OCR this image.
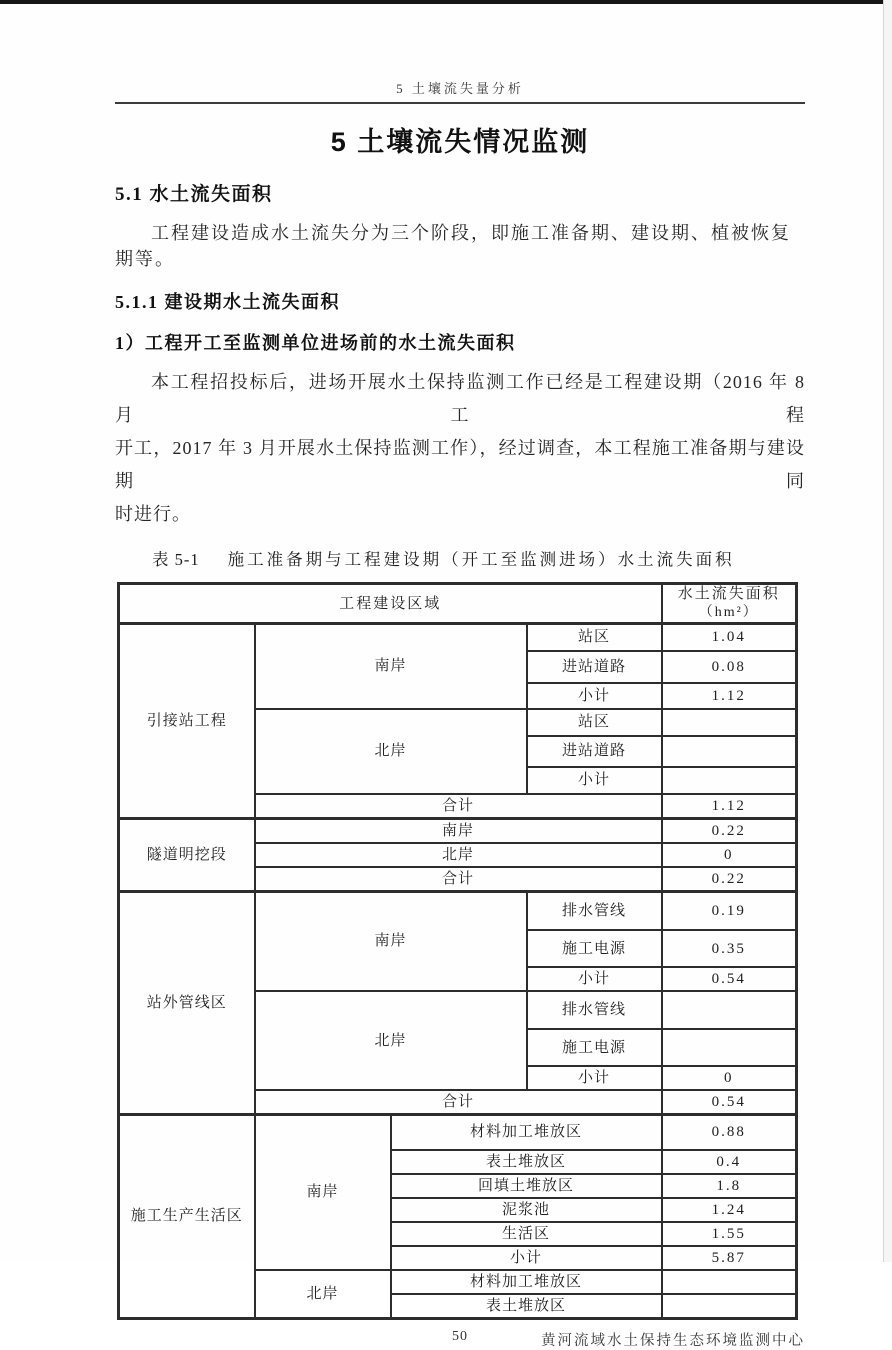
5 土壤流失量分析
5 土壤流失情况监测
5.1 水土流失面积

工程建设造成水土流失分为三个阶段，即施工准备期、建设期、植被恢复期等。

5.1.1 建设期水土流失面积
1）工程开工至监测单位进场前的水土流失面积
本工程招投标后，进场开展水土保持监测工作已经是工程建设期（2016 年 8 月工程
开工，2017 年 3 月开展水土保持监测工作），经过调查，本工程施工准备期与建设期同
时进行。
表 5-1 施工准备期与工程建设期（开工至监测进场）水土流失面积
工程建设区域				水土流失面积
（hm²）

引接站工程	南岸		站区	1.04
			进站道路	0.08
			小计	1.12
	北岸		站区	
			进站道路	
			小计	
	合计			1.12
隧道明挖段	南岸			0.22
	北岸			0
	合计			0.22
站外管线区	南岸		排水管线	0.19
			施工电源	0.35
			小计	0.54
	北岸		排水管线	
			施工电源	
			小计	0
	合计			0.54
施工生产生活区	南岸	材料加工堆放区		0.88
		表土堆放区		0.4
		回填土堆放区		1.8
		泥浆池		1.24
		生活区		1.55
		小计		5.87
	北岸	材料加工堆放区		
		表土堆放区		
50	黄河流域水土保持生态环境监测中心
